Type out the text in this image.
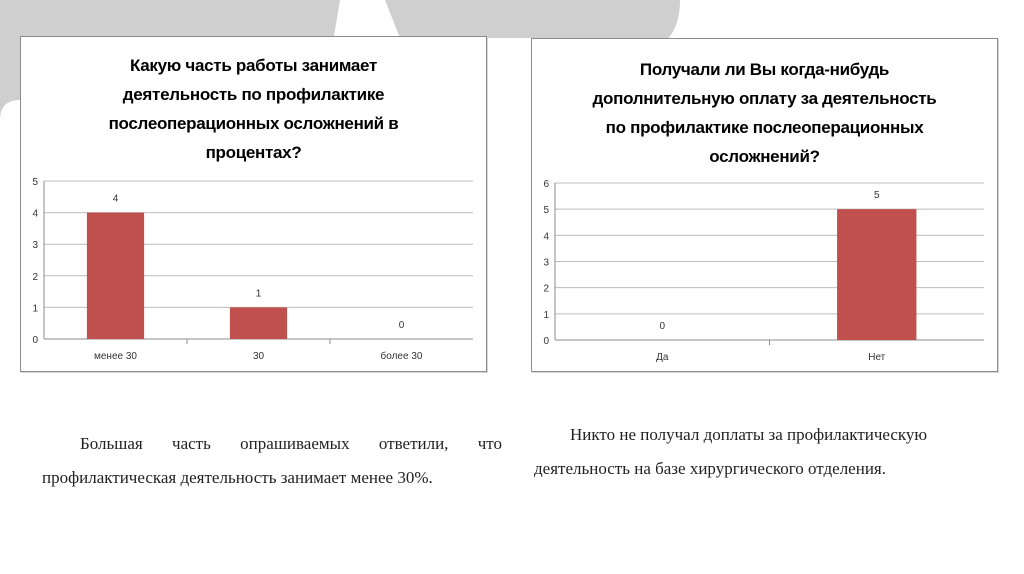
Какую часть работы занимает
деятельность по профилактике
послеоперационных осложнений в
процентах?
0
1
2
3
4
5
4
менее 30
1
30
0
более 30
Получали ли Вы когда-нибудь
дополнительную оплату за деятельность
по профилактике послеоперационных
осложнений?
0
1
2
3
4
5
6
0
Да
5
Нет
Большая часть опрашиваемых ответили, что
профилактическая деятельность занимает менее 30%.
Никто не получал доплаты за профилактическую
деятельность на базе хирургического отделения.
